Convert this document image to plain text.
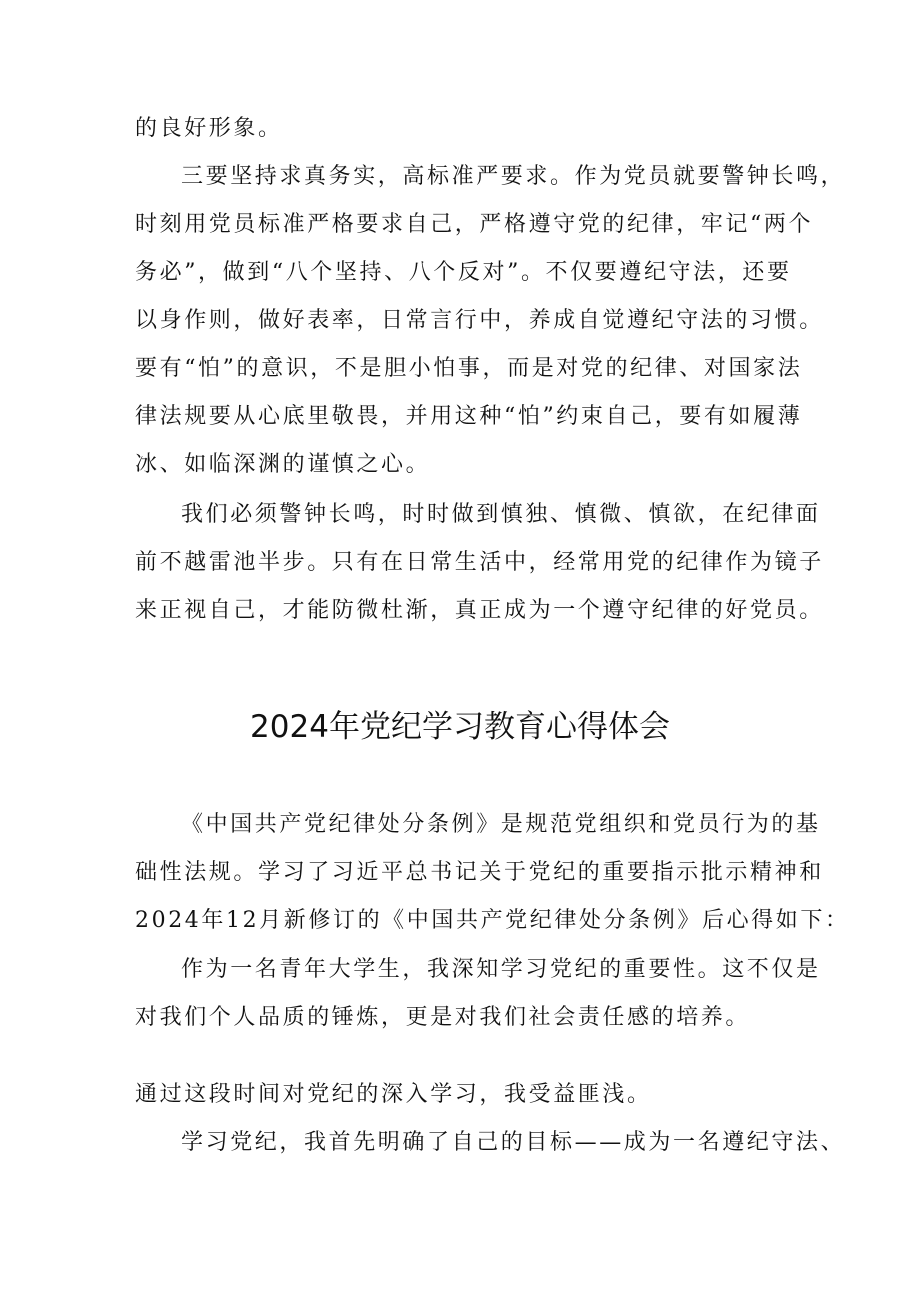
的良好形象。
三要坚持求真务实，高标准严要求。作为党员就要警钟长鸣，
时刻用党员标准严格要求自己，严格遵守党的纪律，牢记“两个
务必”，做到“八个坚持、八个反对”。不仅要遵纪守法，还要
以身作则，做好表率，日常言行中，养成自觉遵纪守法的习惯。
要有“怕”的意识，不是胆小怕事，而是对党的纪律、对国家法
律法规要从心底里敬畏，并用这种“怕”约束自己，要有如履薄
冰、如临深渊的谨慎之心。
我们必须警钟长鸣，时时做到慎独、慎微、慎欲，在纪律面
前不越雷池半步。只有在日常生活中，经常用党的纪律作为镜子
来正视自己，才能防微杜渐，真正成为一个遵守纪律的好党员。
2024年党纪学习教育心得体会
《中国共产党纪律处分条例》是规范党组织和党员行为的基
础性法规。学习了习近平总书记关于党纪的重要指示批示精神和
2024年12月新修订的《中国共产党纪律处分条例》后心得如下：
作为一名青年大学生，我深知学习党纪的重要性。这不仅是
对我们个人品质的锤炼，更是对我们社会责任感的培养。
通过这段时间对党纪的深入学习，我受益匪浅。
学习党纪，我首先明确了自己的目标——成为一名遵纪守法、
